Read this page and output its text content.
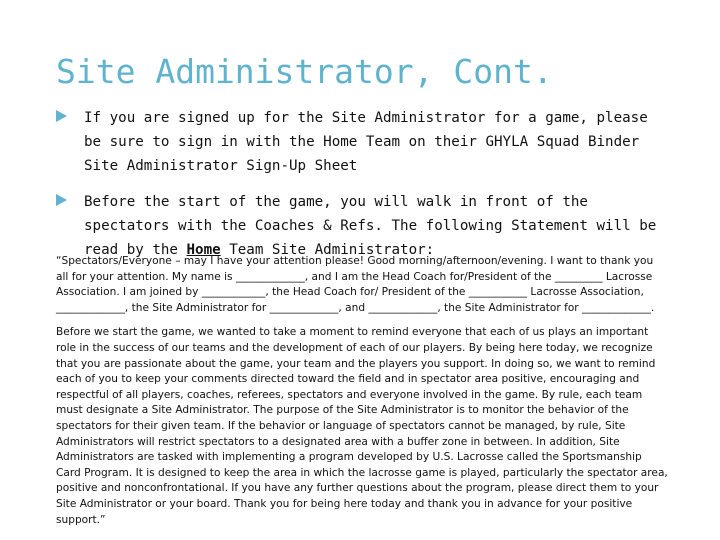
Site Administrator, Cont.
If you are signed up for the Site Administrator for a game, please be sure to sign in with the Home Team on their GHYLA Squad Binder Site Administrator Sign-Up Sheet
Before the start of the game, you will walk in front of the spectators with the Coaches & Refs. The following Statement will be read by the Home Team Site Administrator:

“Spectators/Everyone – may I have your attention please! Good morning/afternoon/evening. I want to thank you all for your attention. My name is _____________, and I am the Head Coach for/President of the _________ Lacrosse Association. I am joined by ____________, the Head Coach for/ President of the ___________ Lacrosse Association, _____________, the Site Administrator for _____________, and _____________, the Site Administrator for _____________.

Before we start the game, we wanted to take a moment to remind everyone that each of us plays an important role in the success of our teams and the development of each of our players. By being here today, we recognize that you are passionate about the game, your team and the players you support. In doing so, we want to remind each of you to keep your comments directed toward the field and in spectator area positive, encouraging and respectful of all players, coaches, referees, spectators and everyone involved in the game. By rule, each team must designate a Site Administrator. The purpose of the Site Administrator is to monitor the behavior of the spectators for their given team. If the behavior or language of spectators cannot be managed, by rule, Site Administrators will restrict spectators to a designated area with a buffer zone in between. In addition, Site Administrators are tasked with implementing a program developed by U.S. Lacrosse called the Sportsmanship Card Program. It is designed to keep the area in which the lacrosse game is played, particularly the spectator area, positive and nonconfrontational. If you have any further questions about the program, please direct them to your Site Administrator or your board. Thank you for being here today and thank you in advance for your positive support.”
